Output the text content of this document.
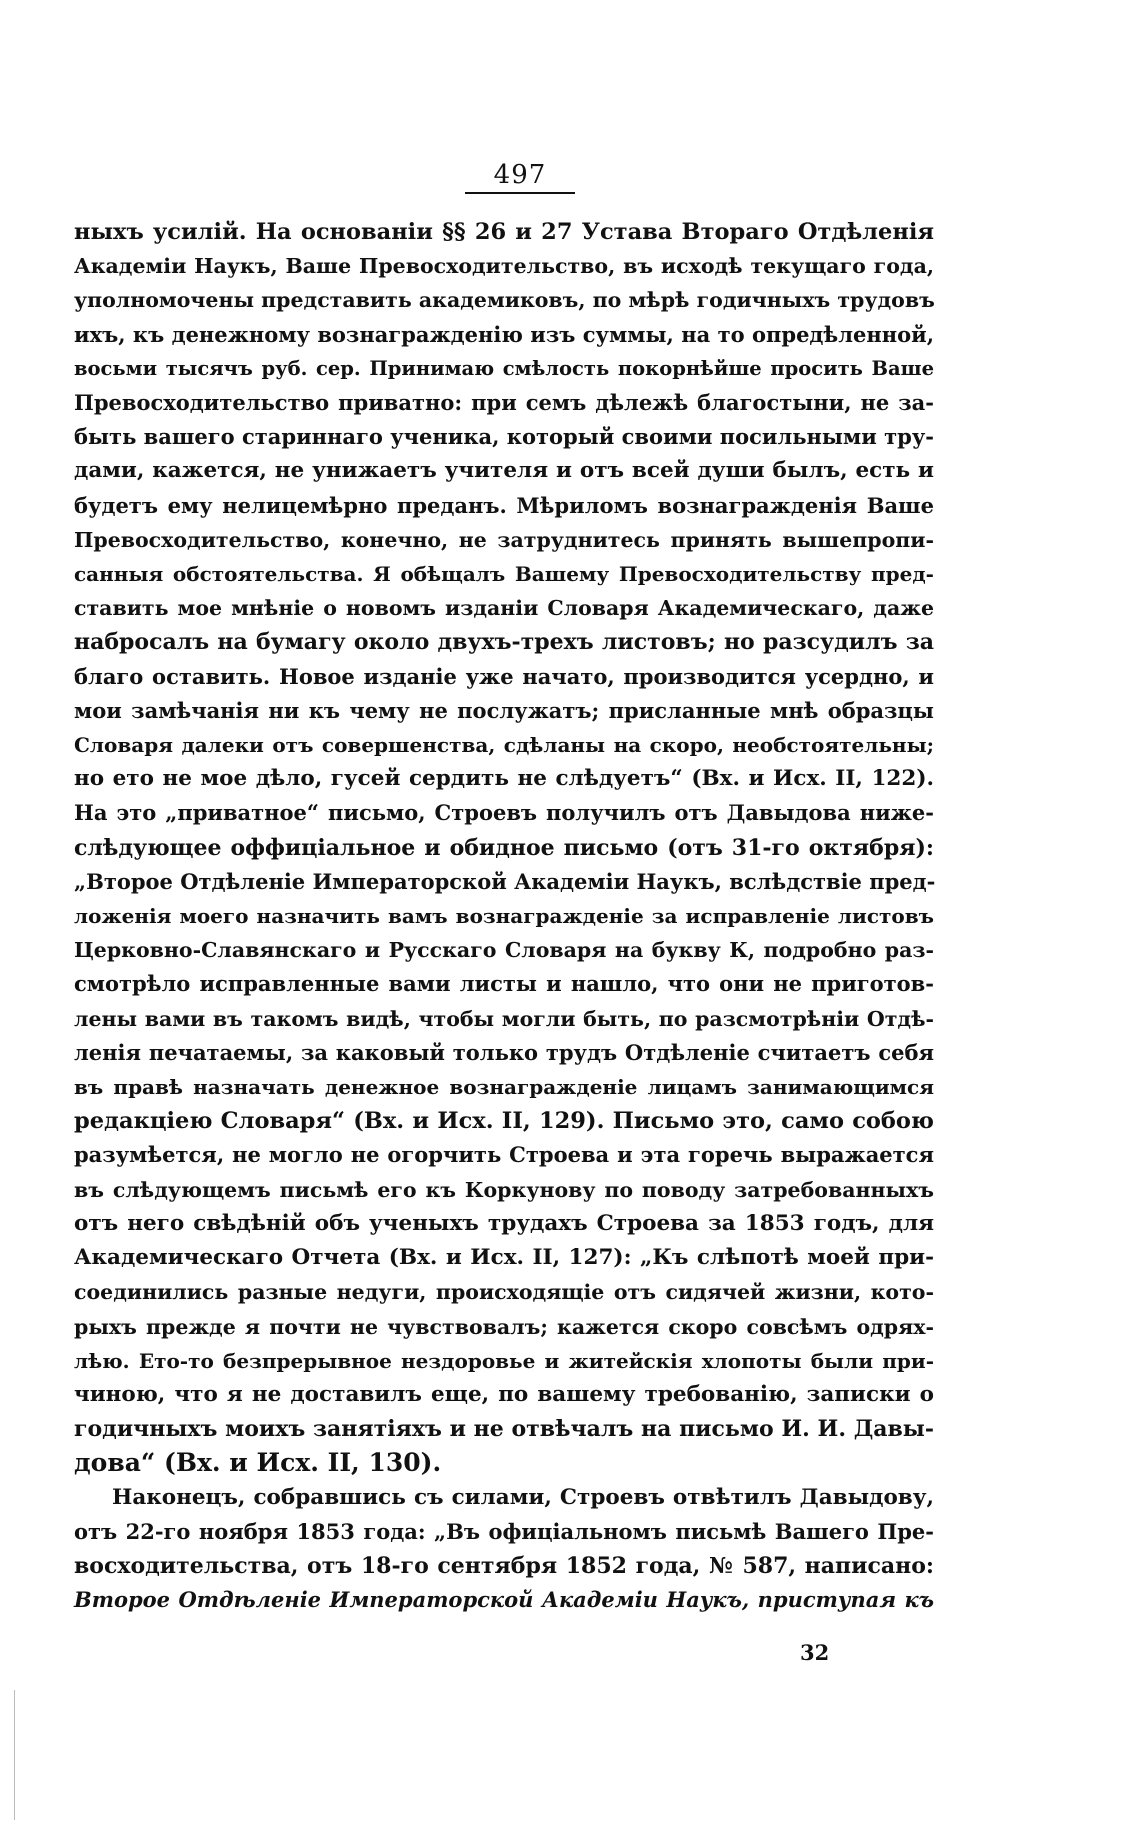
497
ныхъ усилій. На основаніи §§ 26 и 27 Устава Втораго Отдѣленія
Академіи Наукъ, Ваше Превосходительство, въ исходѣ текущаго года,
уполномочены представить академиковъ, по мѣрѣ годичныхъ трудовъ
ихъ, къ денежному вознагражденію изъ суммы, на то опредѣленной,
восьми тысячъ руб. сер. Принимаю смѣлость покорнѣйше просить Ваше
Превосходительство приватно: при семъ дѣлежѣ благостыни, не за-
быть вашего стариннаго ученика, который своими посильными тру-
дами, кажется, не унижаетъ учителя и отъ всей души былъ, есть и
будетъ ему нелицемѣрно преданъ. Мѣриломъ вознагражденія Ваше
Превосходительство, конечно, не затруднитесь принять вышепропи-
санныя обстоятельства. Я обѣщалъ Вашему Превосходительству пред-
ставить мое мнѣніе о новомъ изданіи Словаря Академическаго, даже
набросалъ на бумагу около двухъ-трехъ листовъ; но разсудилъ за
благо оставить. Новое изданіе уже начато, производится усердно, и
мои замѣчанія ни къ чему не послужатъ; присланные мнѣ образцы
Словаря далеки отъ совершенства, сдѣланы на скоро, необстоятельны;
но ето не мое дѣло, гусей сердить не слѣдуетъ“ (Вх. и Исх. II, 122).
На это „приватное“ письмо, Строевъ получилъ отъ Давыдова ниже-
слѣдующее оффиціальное и обидное письмо (отъ 31-го октября):
„Второе Отдѣленіе Императорской Академіи Наукъ, вслѣдствіе пред-
ложенія моего назначить вамъ вознагражденіе за исправленіе листовъ
Церковно-Славянскаго и Русскаго Словаря на букву К, подробно раз-
смотрѣло исправленные вами листы и нашло, что они не приготов-
лены вами въ такомъ видѣ, чтобы могли быть, по разсмотрѣніи Отдѣ-
ленія печатаемы, за каковый только трудъ Отдѣленіе считаетъ себя
въ правѣ назначать денежное вознагражденіе лицамъ занимающимся
редакціею Словаря“ (Вх. и Исх. II, 129). Письмо это, само собою
разумѣется, не могло не огорчить Строева и эта горечь выражается
въ слѣдующемъ письмѣ его къ Коркунову по поводу затребованныхъ
отъ него свѣдѣній объ ученыхъ трудахъ Строева за 1853 годъ, для
Академическаго Отчета (Вх. и Исх. II, 127): „Къ слѣпотѣ моей при-
соединились разные недуги, происходящіе отъ сидячей жизни, кото-
рыхъ прежде я почти не чувствовалъ; кажется скоро совсѣмъ одрях-
лѣю. Ето-то безпрерывное нездоровье и житейскія хлопоты были при-
чиною, что я не доставилъ еще, по вашему требованію, записки о
годичныхъ моихъ занятіяхъ и не отвѣчалъ на письмо И. И. Давы-
дова“ (Вх. и Исх. II, 130).
Наконецъ, собравшись съ силами, Строевъ отвѣтилъ Давыдову,
отъ 22-го ноября 1853 года: „Въ офиціальномъ письмѣ Вашего Пре-
восходительства, отъ 18-го сентября 1852 года, № 587, написано:
Второе Отдѣленіе Императорской Академіи Наукъ, приступая къ
32
